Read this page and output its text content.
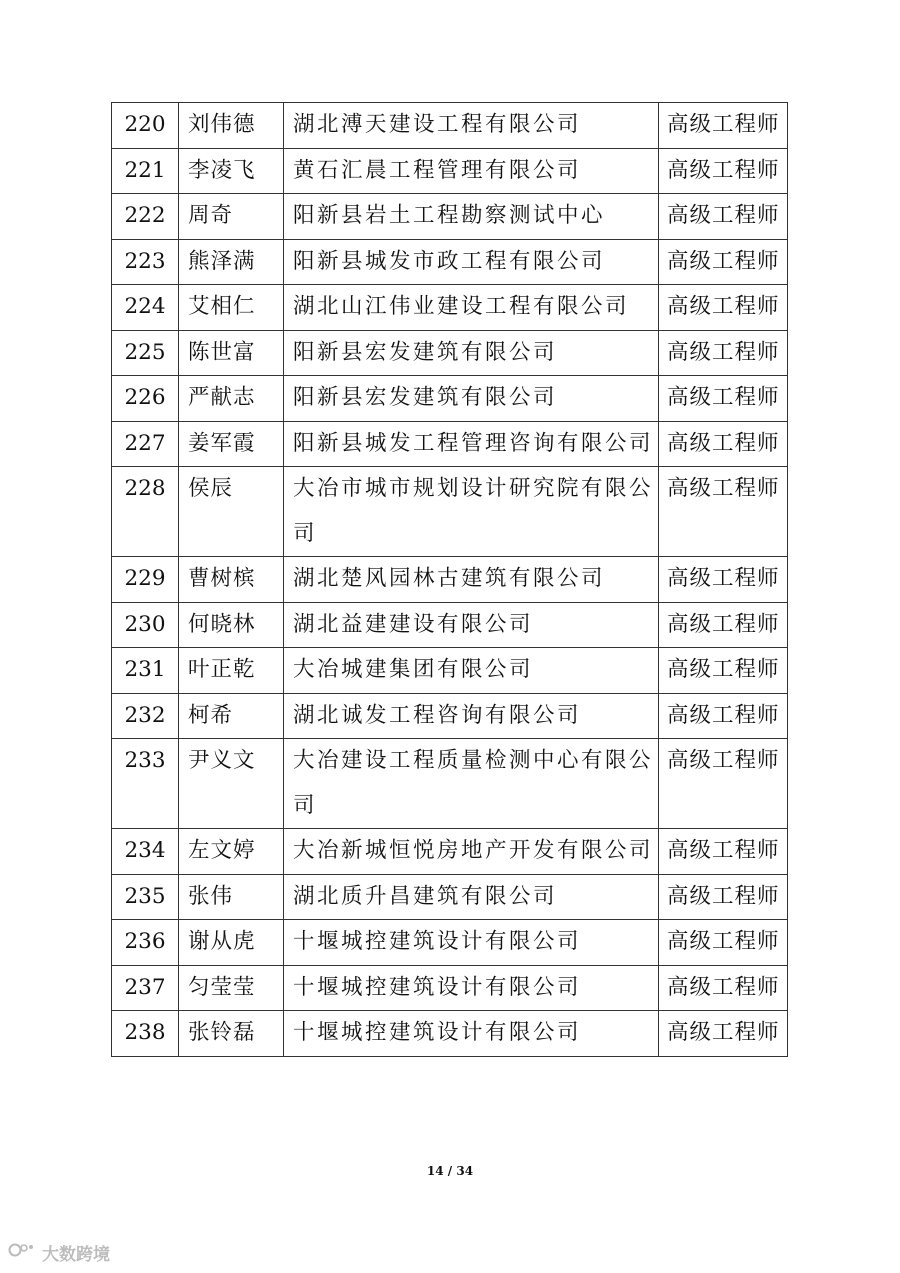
220	刘伟德	湖北溥天建设工程有限公司	高级工程师
221	李凌飞	黄石汇晨工程管理有限公司	高级工程师
222	周奇	阳新县岩土工程勘察测试中心	高级工程师
223	熊泽满	阳新县城发市政工程有限公司	高级工程师
224	艾相仁	湖北山江伟业建设工程有限公司	高级工程师
225	陈世富	阳新县宏发建筑有限公司	高级工程师
226	严献志	阳新县宏发建筑有限公司	高级工程师
227	姜军霞	阳新县城发工程管理咨询有限公司	高级工程师
228	侯辰	大冶市城市规划设计研究院有限公司	高级工程师
229	曹树槟	湖北楚风园林古建筑有限公司	高级工程师
230	何晓林	湖北益建建设有限公司	高级工程师
231	叶正乾	大冶城建集团有限公司	高级工程师
232	柯希	湖北诚发工程咨询有限公司	高级工程师
233	尹义文	大冶建设工程质量检测中心有限公司	高级工程师
234	左文婷	大冶新城恒悦房地产开发有限公司	高级工程师
235	张伟	湖北质升昌建筑有限公司	高级工程师
236	谢从虎	十堰城控建筑设计有限公司	高级工程师
237	匀莹莹	十堰城控建筑设计有限公司	高级工程师
238	张铃磊	十堰城控建筑设计有限公司	高级工程师
14 / 34
大数跨境
